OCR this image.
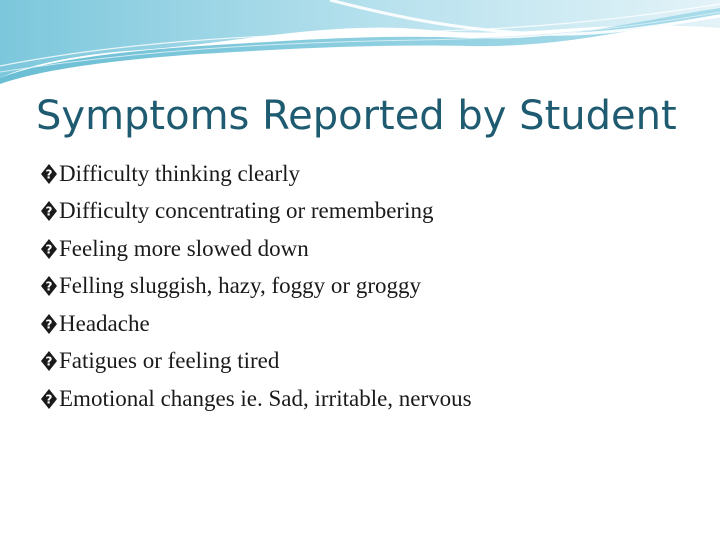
Symptoms Reported by Student
? Difficulty thinking clearly
? Difficulty concentrating or remembering
? Feeling more slowed down
? Felling sluggish, hazy, foggy or groggy
? Headache
? Fatigues or feeling tired
? Emotional changes ie. Sad, irritable, nervous
